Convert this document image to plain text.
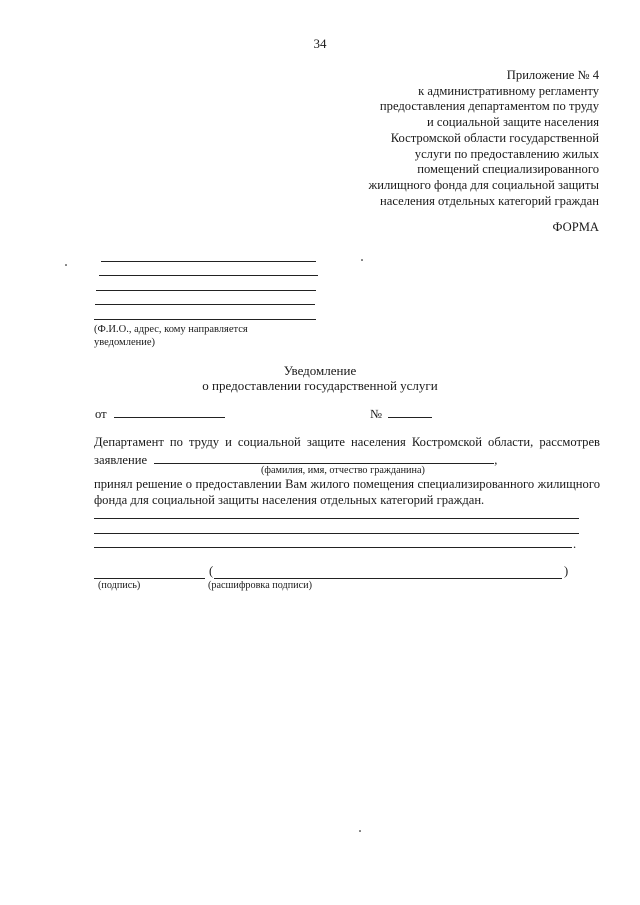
34
Приложение № 4
к административному регламенту
предоставления департаментом по труду
и социальной защите населения
Костромской области государственной
услуги по предоставлению жилых
помещений специализированного
жилищного фонда для социальной защиты
населения отдельных категорий граждан
ФОРМА
(Ф.И.О., адрес, кому направляется
уведомление)
Уведомление
о предоставлении государственной услуги
от	№
Департамент по труду и социальной защите населения Костромской области, рассмотрев
заявление	,
(фамилия, имя, отчество гражданина)
принял решение о предоставлении Вам жилого помещения специализированного жилищного фонда для социальной защиты населения отдельных категорий граждан.
.
(	)
(подпись)	(расшифровка подписи)
